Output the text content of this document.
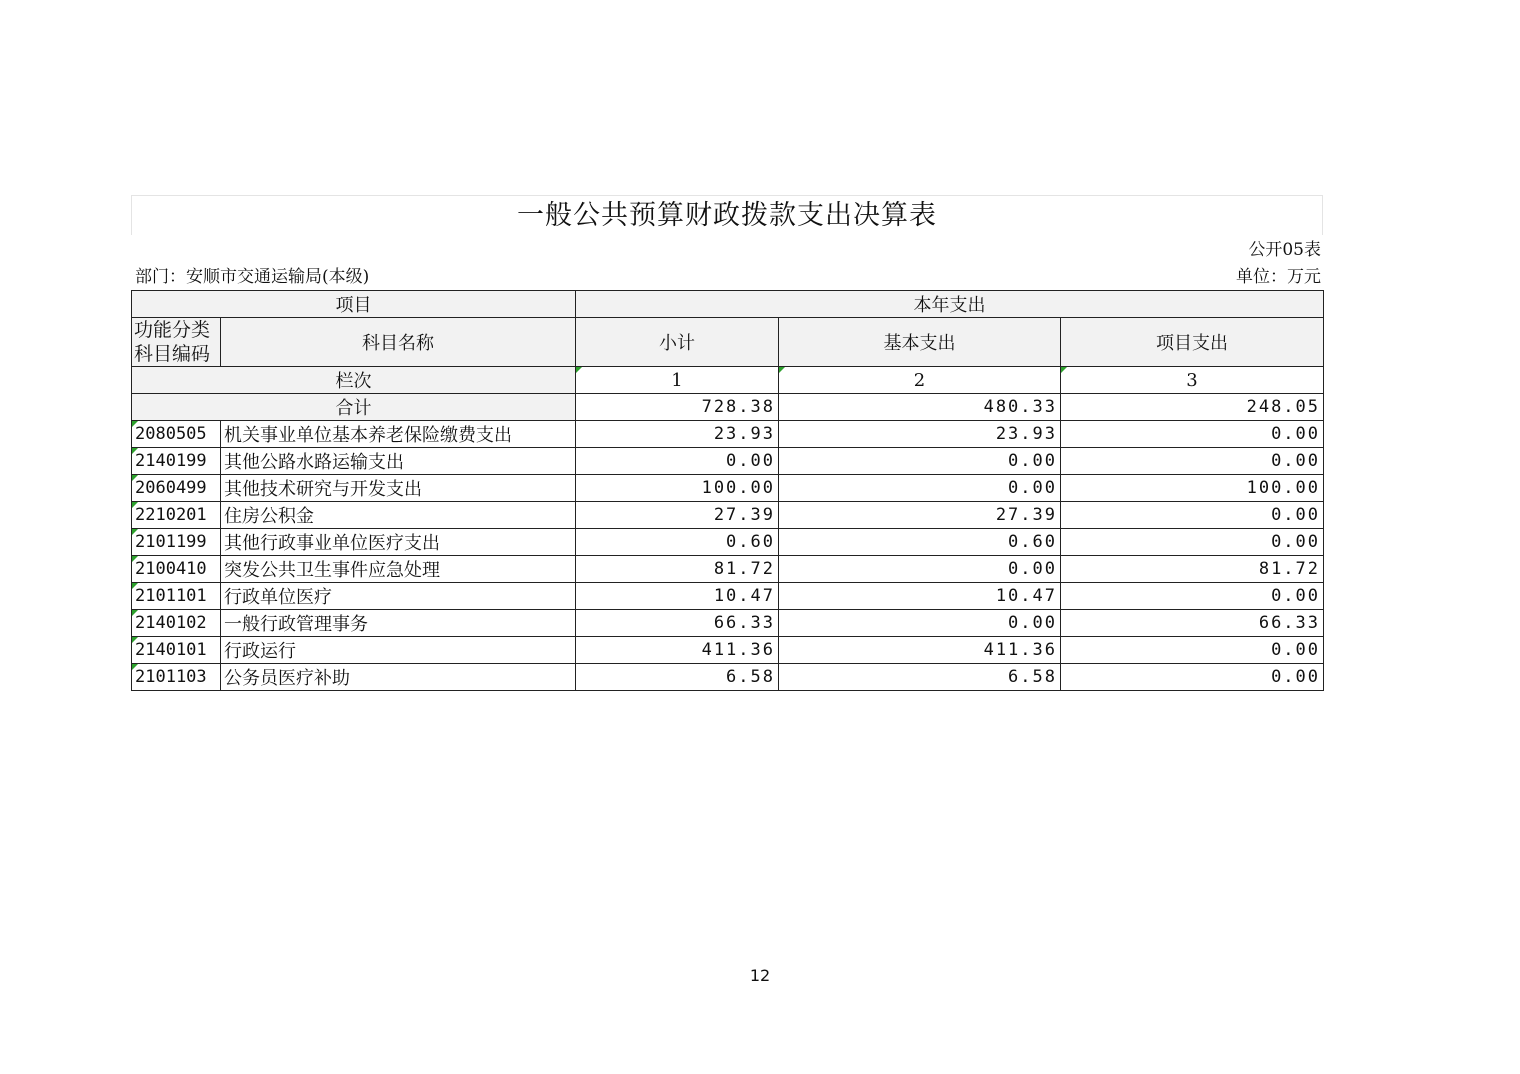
一般公共预算财政拨款支出决算表
公开05表
部门：安顺市交通运输局(本级)	单位：万元
项目		本年支出		
功能分类科目编码	科目名称	小计	基本支出	项目支出
栏次		1	2	3
合计		728.38	480.33	248.05
2080505	机关事业单位基本养老保险缴费支出	23.93	23.93	0.00
2140199	其他公路水路运输支出	0.00	0.00	0.00
2060499	其他技术研究与开发支出	100.00	0.00	100.00
2210201	住房公积金	27.39	27.39	0.00
2101199	其他行政事业单位医疗支出	0.60	0.60	0.00
2100410	突发公共卫生事件应急处理	81.72	0.00	81.72
2101101	行政单位医疗	10.47	10.47	0.00
2140102	一般行政管理事务	66.33	0.00	66.33
2140101	行政运行	411.36	411.36	0.00
2101103	公务员医疗补助	6.58	6.58	0.00
12
